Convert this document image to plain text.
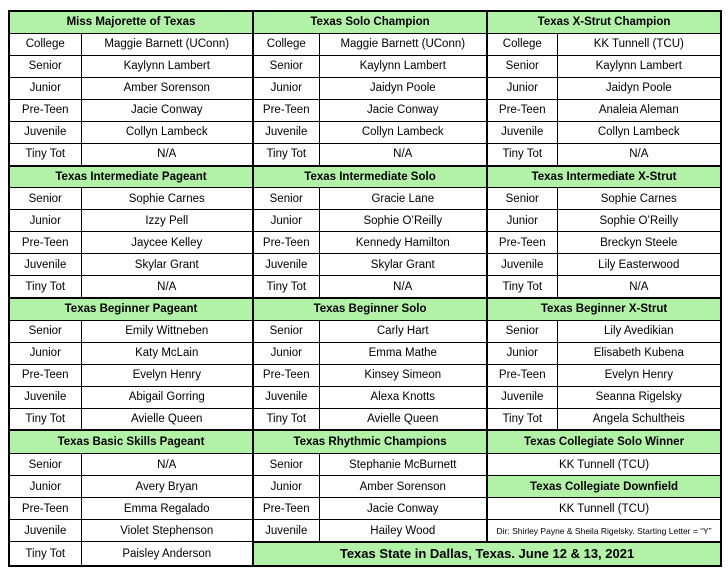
Miss Majorette of Texas		Texas Solo Champion		Texas X-Strut Champion	
College	Maggie Barnett (UConn)	College	Maggie Barnett (UConn)	College	KK Tunnell (TCU)
Senior	Kaylynn Lambert	Senior	Kaylynn Lambert	Senior	Kaylynn Lambert
Junior	Amber Sorenson	Junior	Jaidyn Poole	Junior	Jaidyn Poole
Pre-Teen	Jacie Conway	Pre-Teen	Jacie Conway	Pre-Teen	Analeia Aleman
Juvenile	Collyn Lambeck	Juvenile	Collyn Lambeck	Juvenile	Collyn Lambeck
Tiny Tot	N/A	Tiny Tot	N/A	Tiny Tot	N/A
Texas Intermediate Pageant		Texas Intermediate Solo		Texas Intermediate X-Strut	
Senior	Sophie Carnes	Senior	Gracie Lane	Senior	Sophie Carnes
Junior	Izzy Pell	Junior	Sophie O’Reilly	Junior	Sophie O’Reilly
Pre-Teen	Jaycee Kelley	Pre-Teen	Kennedy Hamilton	Pre-Teen	Breckyn Steele
Juvenile	Skylar Grant	Juvenile	Skylar Grant	Juvenile	Lily Easterwood
Tiny Tot	N/A	Tiny Tot	N/A	Tiny Tot	N/A
Texas Beginner Pageant		Texas Beginner Solo		Texas Beginner X-Strut	
Senior	Emily Wittneben	Senior	Carly Hart	Senior	Lily Avedikian
Junior	Katy McLain	Junior	Emma Mathe	Junior	Elisabeth Kubena
Pre-Teen	Evelyn Henry	Pre-Teen	Kinsey Simeon	Pre-Teen	Evelyn Henry
Juvenile	Abigail Gorring	Juvenile	Alexa Knotts	Juvenile	Seanna Rigelsky
Tiny Tot	Avielle Queen	Tiny Tot	Avielle Queen	Tiny Tot	Angela Schultheis
Texas Basic Skills Pageant		Texas Rhythmic Champions		Texas Collegiate Solo Winner	
Senior	N/A	Senior	Stephanie McBurnett	KK Tunnell (TCU)	
Junior	Avery Bryan	Junior	Amber Sorenson	Texas Collegiate Downfield	
Pre-Teen	Emma Regalado	Pre-Teen	Jacie Conway	KK Tunnell (TCU)	
Juvenile	Violet Stephenson	Juvenile	Hailey Wood	Dir: Shirley Payne & Sheila Rigelsky. Starting Letter = “Y”	
Tiny Tot	Paisley Anderson	Texas State in Dallas, Texas. June 12 & 13, 2021			
